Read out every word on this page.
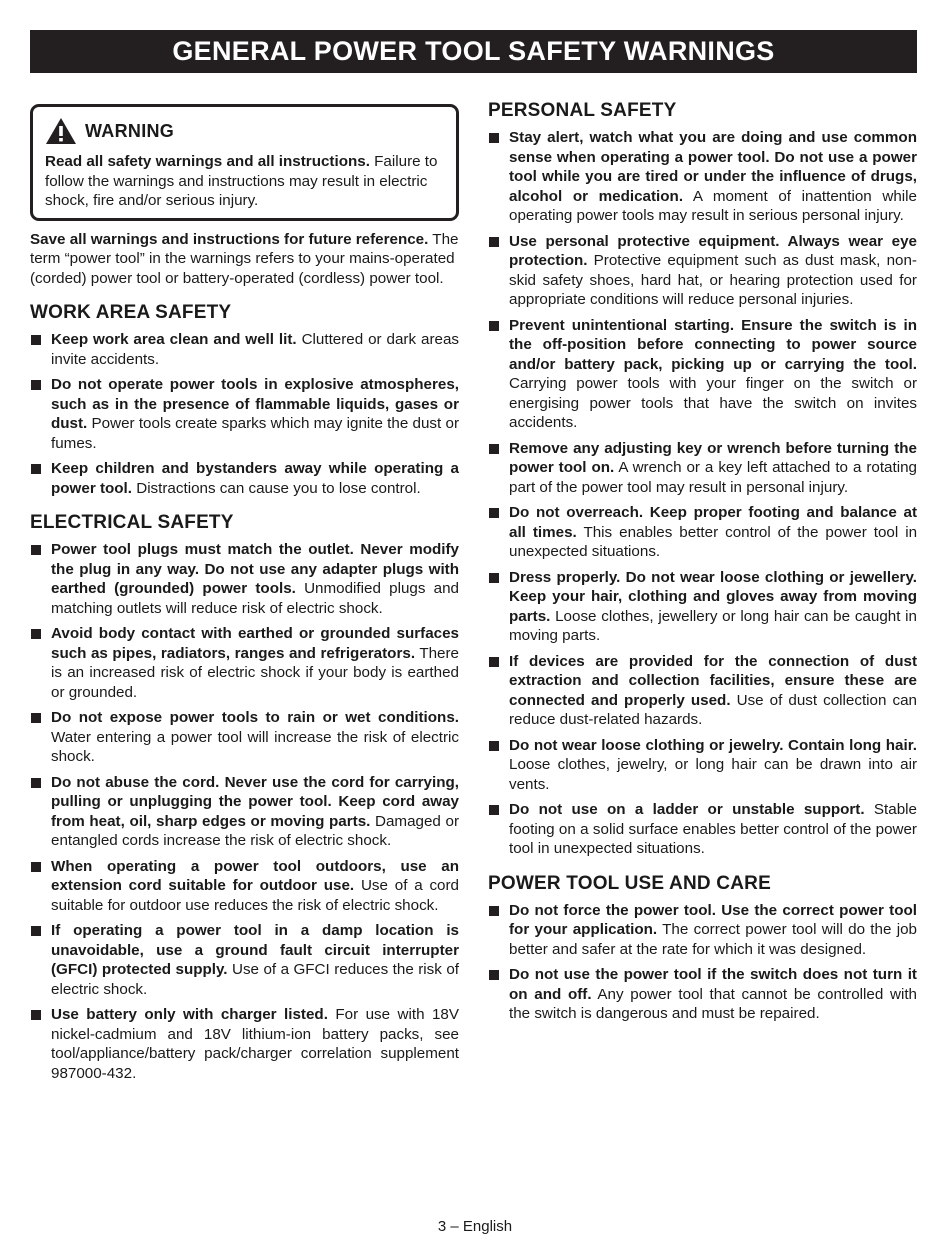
GENERAL POWER TOOL SAFETY WARNINGS
WARNING
Read all safety warnings and all instructions. Failure to follow the warnings and instructions may result in electric shock, fire and/or serious injury.
Save all warnings and instructions for future reference. The term “power tool” in the warnings refers to your mains-operated (corded) power tool or battery-operated (cordless) power tool.
WORK AREA SAFETY
Keep work area clean and well lit. Cluttered or dark areas invite accidents.
Do not operate power tools in explosive atmospheres, such as in the presence of flammable liquids, gases or dust. Power tools create sparks which may ignite the dust or fumes.
Keep children and bystanders away while operating a power tool. Distractions can cause you to lose control.
ELECTRICAL SAFETY
Power tool plugs must match the outlet. Never modify the plug in any way. Do not use any adapter plugs with earthed (grounded) power tools. Unmodified plugs and matching outlets will reduce risk of electric shock.
Avoid body contact with earthed or grounded surfaces such as pipes, radiators, ranges and refrigerators. There is an increased risk of electric shock if your body is earthed or grounded.
Do not expose power tools to rain or wet conditions. Water entering a power tool will increase the risk of electric shock.
Do not abuse the cord. Never use the cord for carrying, pulling or unplugging the power tool. Keep cord away from heat, oil, sharp edges or moving parts. Damaged or entangled cords increase the risk of electric shock.
When operating a power tool outdoors, use an extension cord suitable for outdoor use. Use of a cord suitable for outdoor use reduces the risk of electric shock.
If operating a power tool in a damp location is unavoidable, use a ground fault circuit interrupter (GFCI) protected supply. Use of a GFCI reduces the risk of electric shock.
Use battery only with charger listed. For use with 18V nickel-cadmium and 18V lithium-ion battery packs, see tool/appliance/battery pack/charger correlation supplement 987000-432.
PERSONAL SAFETY
Stay alert, watch what you are doing and use common sense when operating a power tool. Do not use a power tool while you are tired or under the influence of drugs, alcohol or medication. A moment of inattention while operating power tools may result in serious personal injury.
Use personal protective equipment. Always wear eye protection. Protective equipment such as dust mask, non-skid safety shoes, hard hat, or hearing protection used for appropriate conditions will reduce personal injuries.
Prevent unintentional starting. Ensure the switch is in the off-position before connecting to power source and/or battery pack, picking up or carrying the tool. Carrying power tools with your finger on the switch or energising power tools that have the switch on invites accidents.
Remove any adjusting key or wrench before turning the power tool on. A wrench or a key left attached to a rotating part of the power tool may result in personal injury.
Do not overreach. Keep proper footing and balance at all times. This enables better control of the power tool in unexpected situations.
Dress properly. Do not wear loose clothing or jewellery. Keep your hair, clothing and gloves away from moving parts. Loose clothes, jewellery or long hair can be caught in moving parts.
If devices are provided for the connection of dust extraction and collection facilities, ensure these are connected and properly used. Use of dust collection can reduce dust-related hazards.
Do not wear loose clothing or jewelry. Contain long hair. Loose clothes, jewelry, or long hair can be drawn into air vents.
Do not use on a ladder or unstable support. Stable footing on a solid surface enables better control of the power tool in unexpected situations.
POWER TOOL USE AND CARE
Do not force the power tool. Use the correct power tool for your application. The correct power tool will do the job better and safer at the rate for which it was designed.
Do not use the power tool if the switch does not turn it on and off. Any power tool that cannot be controlled with the switch is dangerous and must be repaired.
3 – English
